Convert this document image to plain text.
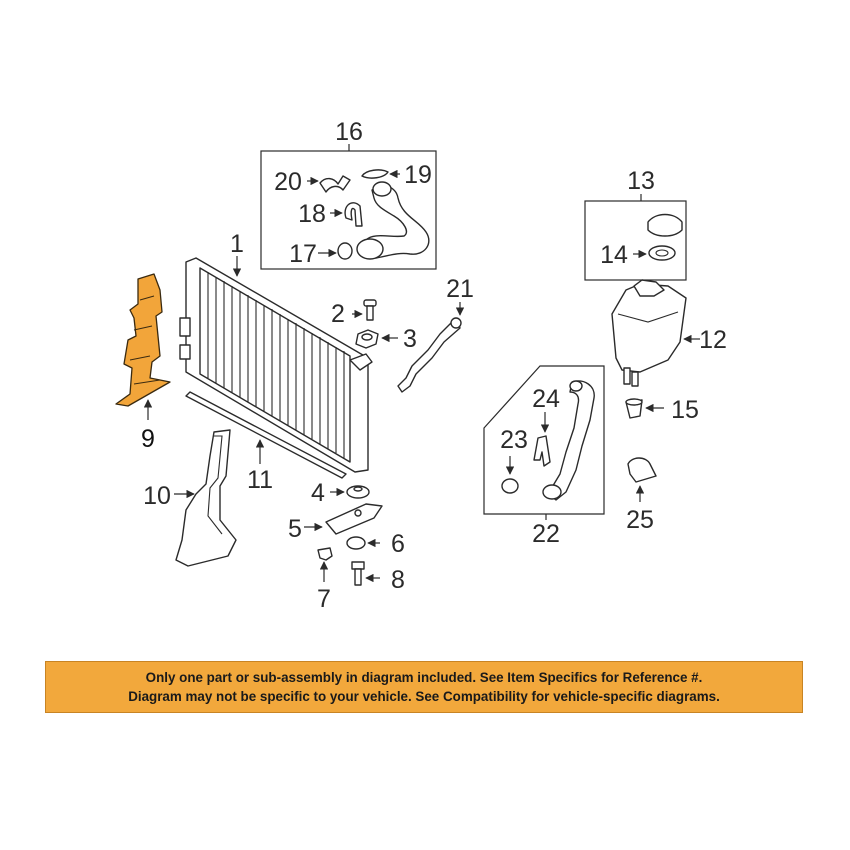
1
2
3
4
5
6
7
8
9
10
11
12
13
14
15
16
17
18
19
20
21
22
23
24
25
Only one part or sub-assembly in diagram included. See Item Specifics for Reference #.
Diagram may not be specific to your vehicle. See Compatibility for vehicle-specific diagrams.
